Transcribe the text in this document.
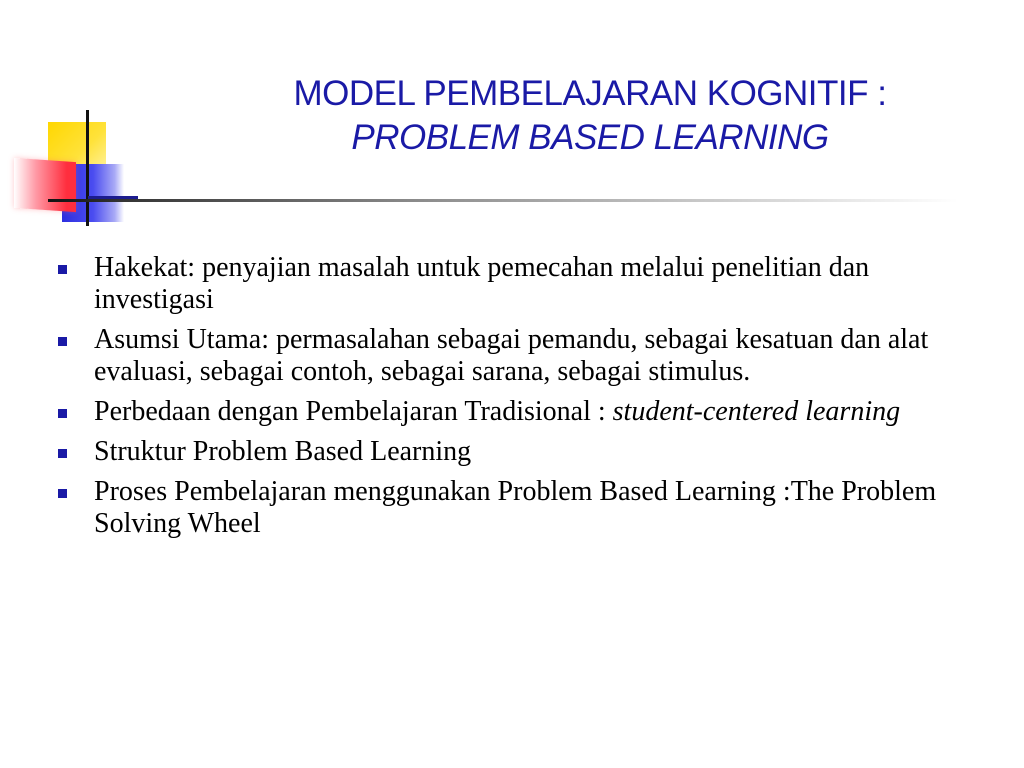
MODEL PEMBELAJARAN KOGNITIF :
PROBLEM BASED LEARNING
Hakekat: penyajian masalah untuk pemecahan melalui penelitian dan investigasi
Asumsi Utama: permasalahan sebagai pemandu, sebagai kesatuan dan alat evaluasi, sebagai contoh, sebagai sarana, sebagai stimulus.
Perbedaan dengan Pembelajaran Tradisional : student-centered learning
Struktur Problem Based Learning
Proses Pembelajaran menggunakan Problem Based Learning :The Problem Solving Wheel
